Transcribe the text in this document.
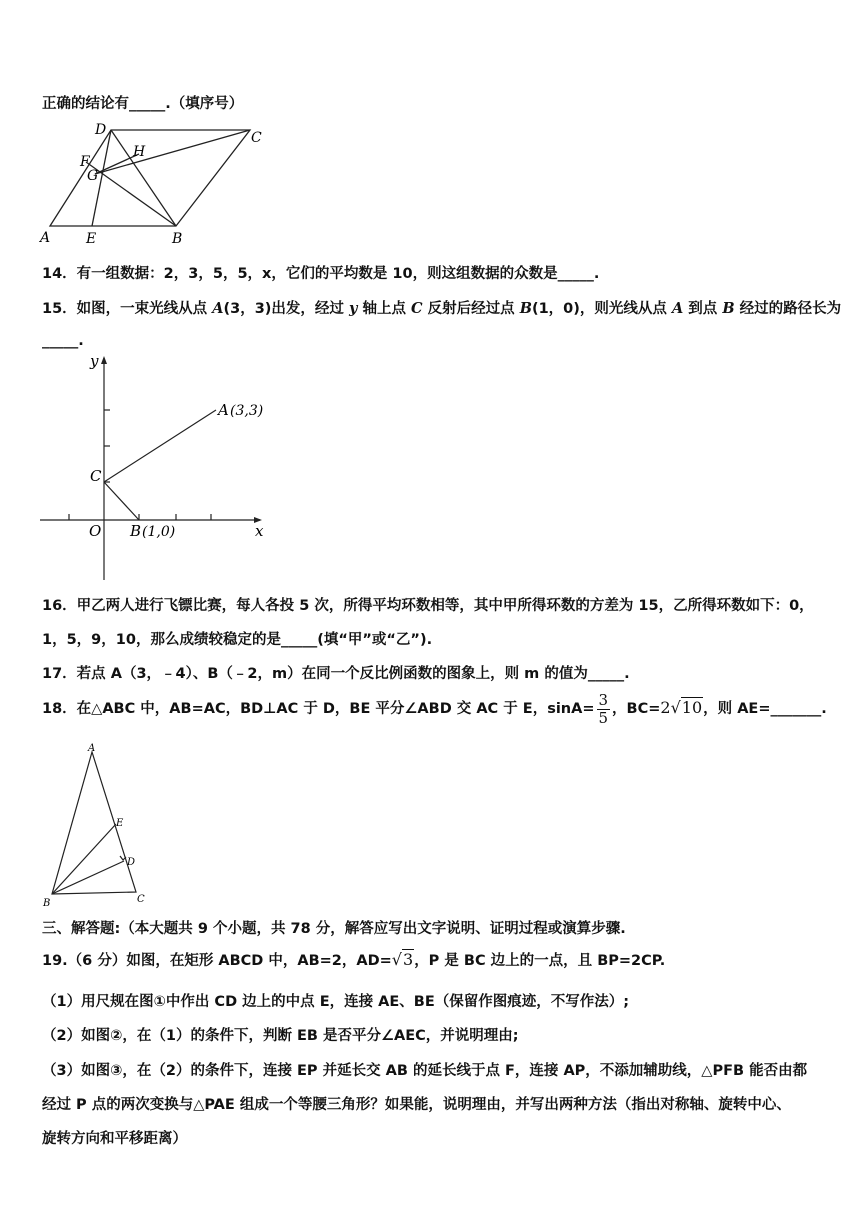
正确的结论有_____.（填序号）
D	C
H
F
G
A	E	B
14．有一组数据：2，3，5，5，x，它们的平均数是 10，则这组数据的众数是_____.
15．如图，一束光线从点 A(3，3)出发，经过 y 轴上点 C 反射后经过点 B(1，0)，则光线从点 A 到点 B 经过的路径长为
_____.
y
x
O
C
B (1,0)
A (3,3)
16．甲乙两人进行飞镖比赛，每人各投 5 次，所得平均环数相等，其中甲所得环数的方差为 15，乙所得环数如下：0，
1，5，9，10，那么成绩较稳定的是_____(填“甲”或“乙”).
17．若点 A（3，﹣4）、B（﹣2，m）在同一个反比例函数的图象上，则 m 的值为_____.
18．在△ABC 中，AB=AC，BD⊥AC 于 D，BE 平分∠ABD 交 AC 于 E，$\sin A= \frac{3}{5}$ ，BC=2√10，则 AE=_______.
A
E
D
B	C
三、解答题:（本大题共 9 个小题，共 78 分，解答应写出文字说明、证明过程或演算步骤.
19.（6 分）如图，在矩形 ABCD 中，AB=2，AD=√3，P 是 BC 边上的一点，且 BP=2CP.
（1）用尺规在图①中作出 CD 边上的中点 E，连接 AE、BE（保留作图痕迹，不写作法）;
（2）如图②，在（1）的条件下，判断 EB 是否平分∠AEC，并说明理由;
（3）如图③，在（2）的条件下，连接 EP 并延长交 AB 的延长线于点 F，连接 AP，不添加辅助线，△PFB 能否由都
经过 P 点的两次变换与△PAE 组成一个等腰三角形？如果能，说明理由，并写出两种方法（指出对称轴、旋转中心、
旋转方向和平移距离）
